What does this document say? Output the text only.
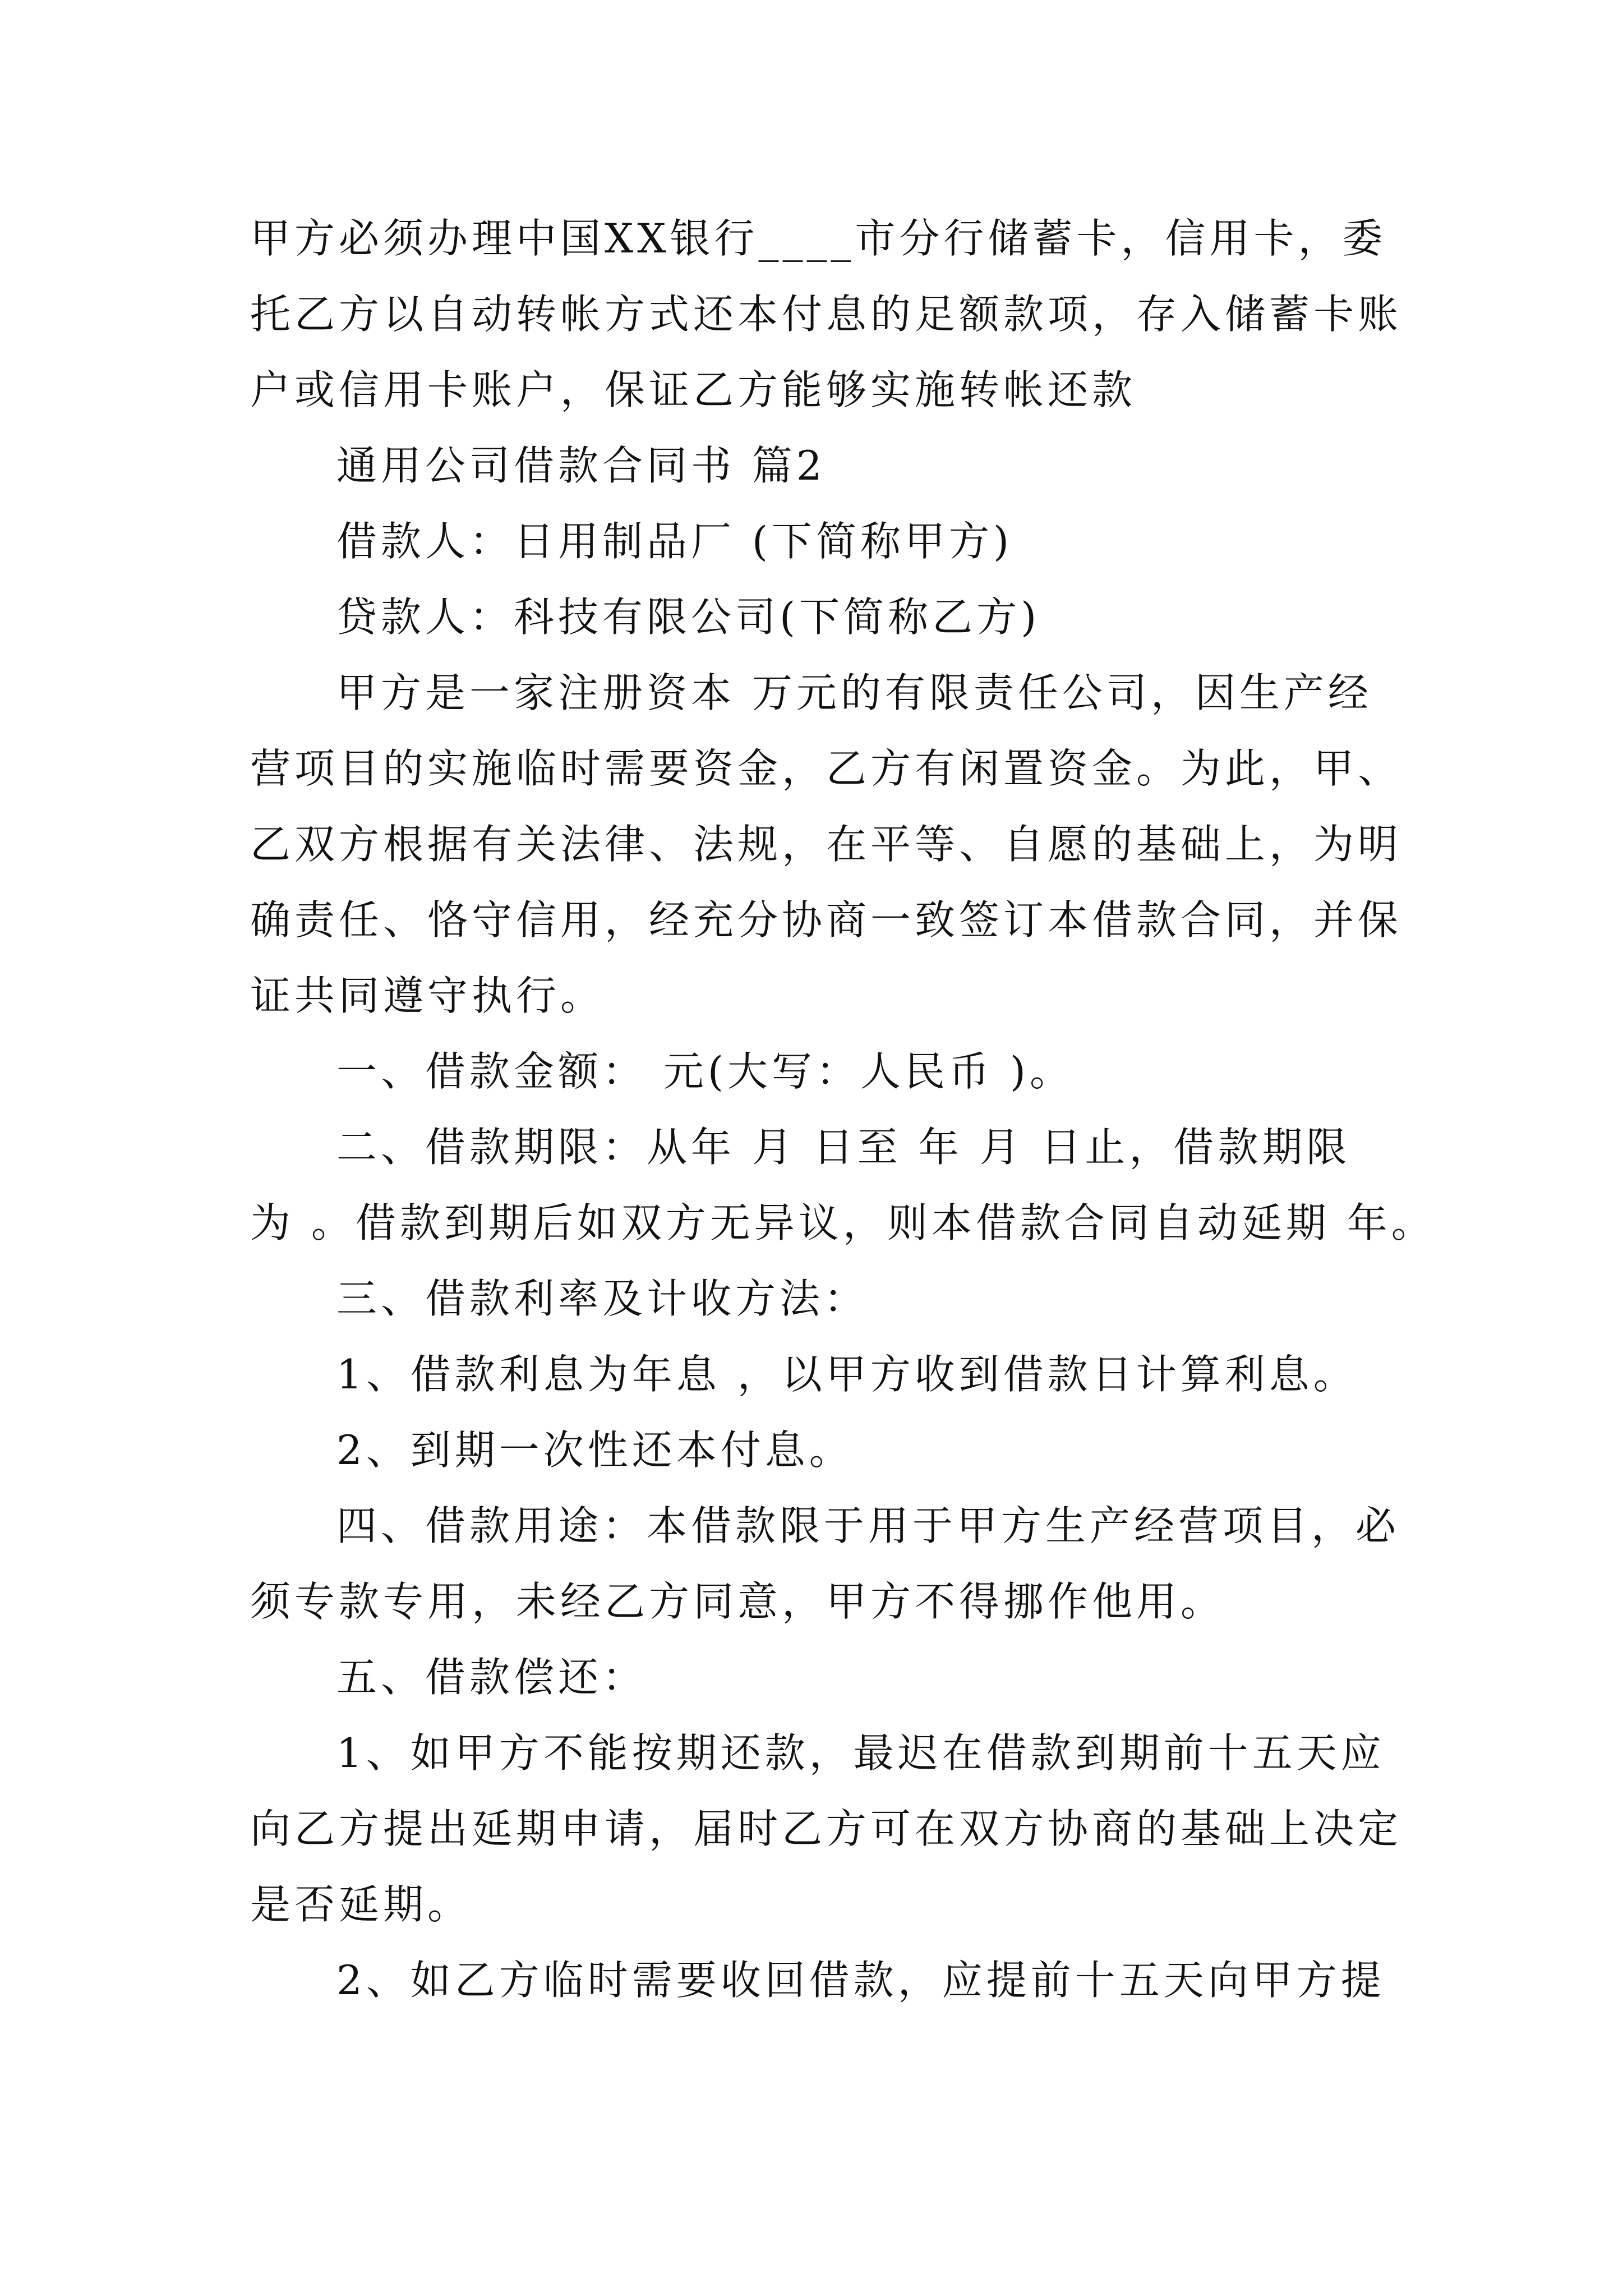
甲方必须办理中国XX银行____市分行储蓄卡，信用卡，委
托乙方以自动转帐方式还本付息的足额款项，存入储蓄卡账
户或信用卡账户，保证乙方能够实施转帐还款
通用公司借款合同书 篇2
借款人：日用制品厂 (下简称甲方)
贷款人：科技有限公司(下简称乙方)
甲方是一家注册资本 万元的有限责任公司，因生产经
营项目的实施临时需要资金，乙方有闲置资金。为此，甲、
乙双方根据有关法律、法规，在平等、自愿的基础上，为明
确责任、恪守信用，经充分协商一致签订本借款合同，并保
证共同遵守执行。
一、借款金额： 元(大写：人民币 )。
二、借款期限：从年 月 日至 年 月 日止，借款期限
为 。借款到期后如双方无异议，则本借款合同自动延期 年。
三、借款利率及计收方法：
1、借款利息为年息 ，以甲方收到借款日计算利息。
2、到期一次性还本付息。
四、借款用途：本借款限于用于甲方生产经营项目，必
须专款专用，未经乙方同意，甲方不得挪作他用。
五、借款偿还：
1、如甲方不能按期还款，最迟在借款到期前十五天应
向乙方提出延期申请，届时乙方可在双方协商的基础上决定
是否延期。
2、如乙方临时需要收回借款，应提前十五天向甲方提
